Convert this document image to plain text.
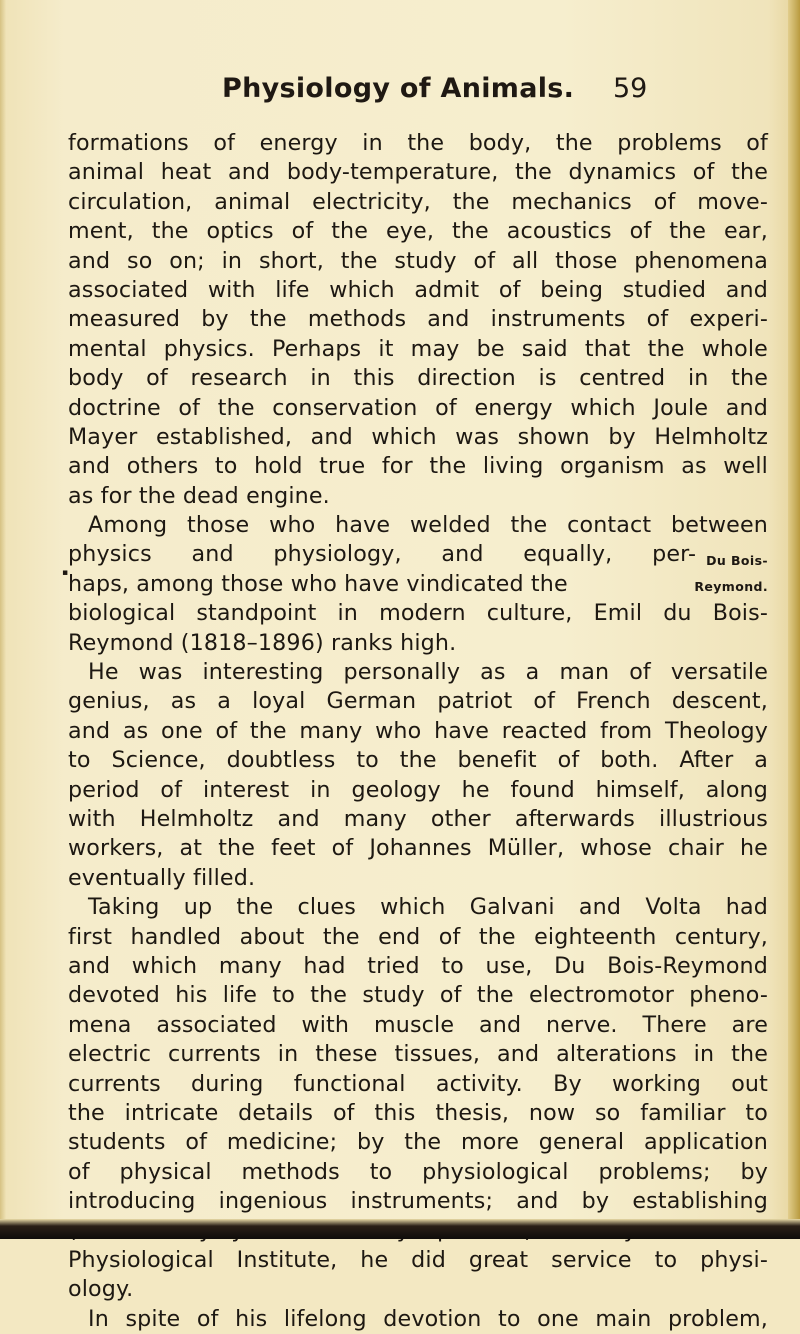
Physiology of Animals. 59
▪
formations of energy in the body, the problems of
animal heat and body-temperature, the dynamics of the
circulation, animal electricity, the mechanics of move-
ment, the optics of the eye, the acoustics of the ear,
and so on; in short, the study of all those phenomena
associated with life which admit of being studied and
measured by the methods and instruments of experi-
mental physics. Perhaps it may be said that the whole
body of research in this direction is centred in the
doctrine of the conservation of energy which Joule and
Mayer established, and which was shown by Helmholtz
and others to hold true for the living organism as well
as for the dead engine.
Among those who have welded the contact between
physics and physiology, and equally, per- Du Bois-
haps, among those who have vindicated the	Reymond.
biological standpoint in modern culture, Emil du Bois-
Reymond (1818–1896) ranks high.
He was interesting personally as a man of versatile
genius, as a loyal German patriot of French descent,
and as one of the many who have reacted from Theology
to Science, doubtless to the benefit of both. After a
period of interest in geology he found himself, along
with Helmholtz and many other afterwards illustrious
workers, at the feet of Johannes Müller, whose chair he
eventually filled.
Taking up the clues which Galvani and Volta had
first handled about the end of the eighteenth century,
and which many had tried to use, Du Bois-Reymond
devoted his life to the study of the electromotor pheno-
mena associated with muscle and nerve. There are
electric currents in these tissues, and alterations in the
currents during functional activity. By working out
the intricate details of this thesis, now so familiar to
students of medicine; by the more general application
of physical methods to physiological problems; by
introducing ingenious instruments; and by establishing
Physiological Institute, he did great service to physi-
ology.
In spite of his lifelong devotion to one main problem,
